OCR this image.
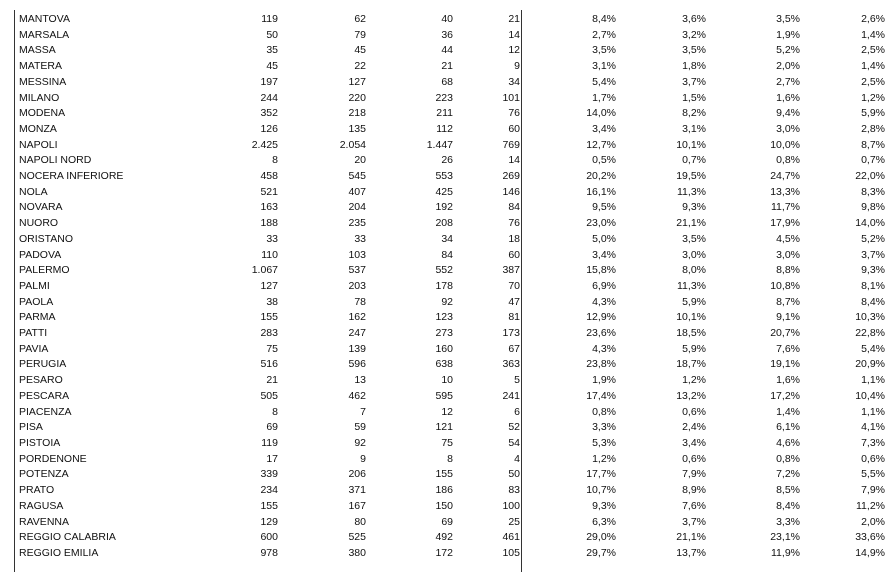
MANTOVA	119	62	40	21	8,4%	3,6%	3,5%	2,6%
MARSALA	50	79	36	14	2,7%	3,2%	1,9%	1,4%
MASSA	35	45	44	12	3,5%	3,5%	5,2%	2,5%
MATERA	45	22	21	9	3,1%	1,8%	2,0%	1,4%
MESSINA	197	127	68	34	5,4%	3,7%	2,7%	2,5%
MILANO	244	220	223	101	1,7%	1,5%	1,6%	1,2%
MODENA	352	218	211	76	14,0%	8,2%	9,4%	5,9%
MONZA	126	135	112	60	3,4%	3,1%	3,0%	2,8%
NAPOLI	2.425	2.054	1.447	769	12,7%	10,1%	10,0%	8,7%
NAPOLI NORD	8	20	26	14	0,5%	0,7%	0,8%	0,7%
NOCERA INFERIORE	458	545	553	269	20,2%	19,5%	24,7%	22,0%
NOLA	521	407	425	146	16,1%	11,3%	13,3%	8,3%
NOVARA	163	204	192	84	9,5%	9,3%	11,7%	9,8%
NUORO	188	235	208	76	23,0%	21,1%	17,9%	14,0%
ORISTANO	33	33	34	18	5,0%	3,5%	4,5%	5,2%
PADOVA	110	103	84	60	3,4%	3,0%	3,0%	3,7%
PALERMO	1.067	537	552	387	15,8%	8,0%	8,8%	9,3%
PALMI	127	203	178	70	6,9%	11,3%	10,8%	8,1%
PAOLA	38	78	92	47	4,3%	5,9%	8,7%	8,4%
PARMA	155	162	123	81	12,9%	10,1%	9,1%	10,3%
PATTI	283	247	273	173	23,6%	18,5%	20,7%	22,8%
PAVIA	75	139	160	67	4,3%	5,9%	7,6%	5,4%
PERUGIA	516	596	638	363	23,8%	18,7%	19,1%	20,9%
PESARO	21	13	10	5	1,9%	1,2%	1,6%	1,1%
PESCARA	505	462	595	241	17,4%	13,2%	17,2%	10,4%
PIACENZA	8	7	12	6	0,8%	0,6%	1,4%	1,1%
PISA	69	59	121	52	3,3%	2,4%	6,1%	4,1%
PISTOIA	119	92	75	54	5,3%	3,4%	4,6%	7,3%
PORDENONE	17	9	8	4	1,2%	0,6%	0,8%	0,6%
POTENZA	339	206	155	50	17,7%	7,9%	7,2%	5,5%
PRATO	234	371	186	83	10,7%	8,9%	8,5%	7,9%
RAGUSA	155	167	150	100	9,3%	7,6%	8,4%	11,2%
RAVENNA	129	80	69	25	6,3%	3,7%	3,3%	2,0%
REGGIO CALABRIA	600	525	492	461	29,0%	21,1%	23,1%	33,6%
REGGIO EMILIA	978	380	172	105	29,7%	13,7%	11,9%	14,9%
